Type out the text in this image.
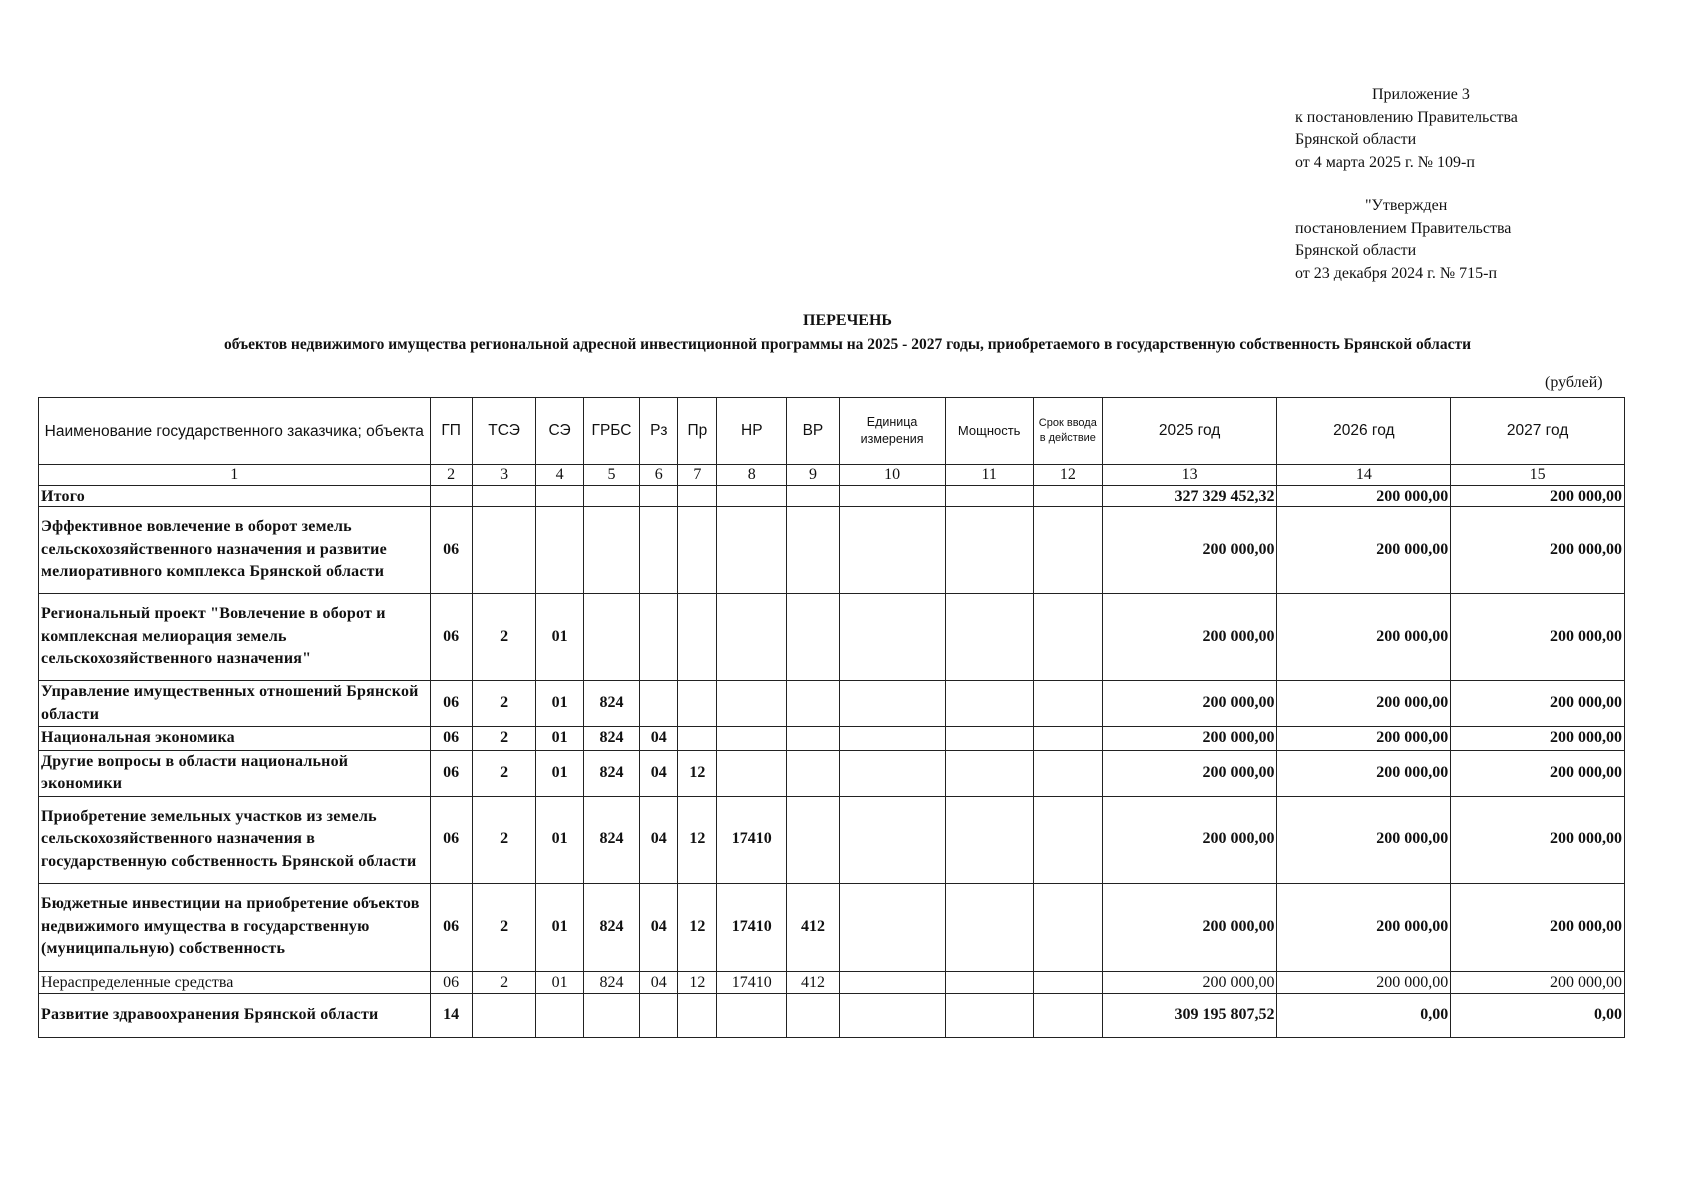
Приложение 3
к постановлению Правительства
Брянской области
от 4 марта 2025 г. № 109-п
"Утвержден
постановлением Правительства
Брянской области
от 23 декабря 2024 г. № 715-п
ПЕРЕЧЕНЬ
объектов недвижимого имущества региональной адресной инвестиционной программы на 2025 - 2027 годы, приобретаемого в государственную собственность Брянской области
(рублей)
Наименование государственного заказчика; объекта	ГП	ТСЭ	СЭ	ГРБС	Рз	Пр	НР	ВР	Единица измерения	Мощность	Срок ввода в действие	2025 год	2026 год	2027 год
1	2	3	4	5	6	7	8	9	10	11	12	13	14	15
Итого												327 329 452,32	200 000,00	200 000,00
Эффективное вовлечение в оборот земель сельскохозяйственного назначения и развитие мелиоративного комплекса Брянской области	06											200 000,00	200 000,00	200 000,00
Региональный проект "Вовлечение в оборот и комплексная мелиорация земель сельскохозяйственного назначения"	06	2	01									200 000,00	200 000,00	200 000,00
Управление имущественных отношений Брянской области	06	2	01	824								200 000,00	200 000,00	200 000,00
Национальная экономика	06	2	01	824	04							200 000,00	200 000,00	200 000,00
Другие вопросы в области национальной экономики	06	2	01	824	04	12						200 000,00	200 000,00	200 000,00
Приобретение земельных участков из земель сельскохозяйственного назначения в государственную собственность Брянской области	06	2	01	824	04	12	17410					200 000,00	200 000,00	200 000,00
Бюджетные инвестиции на приобретение объектов недвижимого имущества в государственную (муниципальную) собственность	06	2	01	824	04	12	17410	412				200 000,00	200 000,00	200 000,00
Нераспределенные средства	06	2	01	824	04	12	17410	412				200 000,00	200 000,00	200 000,00
Развитие здравоохранения Брянской области	14											309 195 807,52	0,00	0,00
